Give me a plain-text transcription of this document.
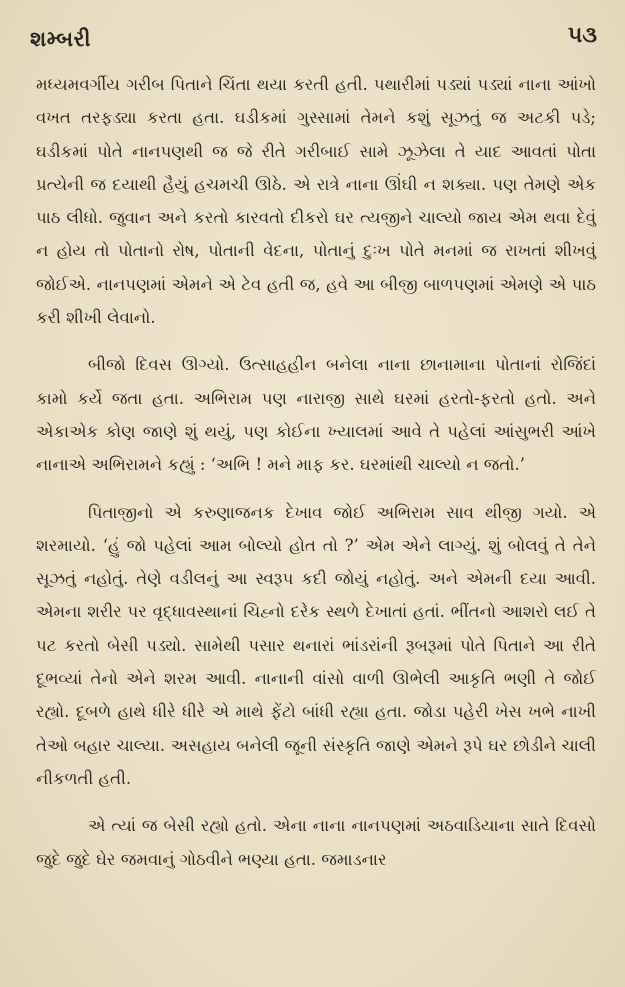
શમ્બરી	૫૩

મધ્યમવર્ગીય ગરીબ પિતાને ચિંતા થયા કરતી હતી. પથારીમાં પડ્યાં પડ્યાં નાના આંખો વખત તરફડ્યા કરતા હતા. ઘડીકમાં ગુસ્સામાં તેમને કશું સૂઝતું જ અટકી પડે; ઘડીકમાં પોતે નાનપણથી જ જે રીતે ગરીબાઈ સામે ઝૂઝેલા તે યાદ આવતાં પોતા પ્રત્યેની જ દયાથી હૈયું હચમચી ઊઠે. એ રાત્રે નાના ઊંઘી ન શક્યા. પણ તેમણે એક પાઠ લીધો. જુવાન અને કરતો કારવતો દીકરો ઘર ત્યજીને ચાલ્યો જાય એમ થવા દેવું ન હોય તો પોતાનો રોષ, પોતાની વેદના, પોતાનું દુઃખ પોતે મનમાં જ રાખતાં શીખવું જોઈએ. નાનપણમાં એમને એ ટેવ હતી જ, હવે આ બીજી બાળપણમાં એમણે એ પાઠ કરી શીખી લેવાનો.

બીજો દિવસ ઊગ્યો. ઉત્સાહહીન બનેલા નાના છાનામાના પોતાનાં રોજિંદાં કામો કર્યે જતા હતા. અભિરામ પણ નારાજી સાથે ઘરમાં હરતો-ફરતો હતો. અને એકાએક કોણ જાણે શું થયું, પણ કોઈના ખ્યાલમાં આવે તે પહેલાં આંસુભરી આંખે નાનાએ અભિરામને કહ્યું : ‘અભિ ! મને માફ કર. ઘરમાંથી ચાલ્યો ન જતો.’

પિતાજીનો એ કરુણાજનક દેખાવ જોઈ અભિરામ સાવ થીજી ગયો. એ શરમાયો. ‘હું જો પહેલાં આમ બોલ્યો હોત તો ?’ એમ એને લાગ્યું. શું બોલવું તે તેને સૂઝતું નહોતું. તેણે વડીલનું આ સ્વરૂપ કદી જોયું નહોતું. અને એમની દયા આવી. એમના શરીર પર વૃદ્ધાવસ્થાનાં ચિહ્નો દરેક સ્થળે દેખાતાં હતાં. ભીંતનો આશરો લઈ તે પટ કરતો બેસી પડ્યો. સામેથી પસાર થનારાં ભાંડરાંની રૂબરૂમાં પોતે પિતાને આ રીતે દૂભવ્યાં તેનો એને શરમ આવી. નાનાની વાંસો વાળી ઊભેલી આકૃતિ ભણી તે જોઈ રહ્યો. દૂબળે હાથે ધીરે ધીરે એ માથે ફેંટો બાંધી રહ્યા હતા. જોડા પહેરી ખેસ ખભે નાખી તેઓ બહાર ચાલ્યા. અસહાય બનેલી જૂની સંસ્કૃતિ જાણે એમને રૂપે ઘર છોડીને ચાલી નીકળતી હતી.

એ ત્યાં જ બેસી રહ્યો હતો. એના નાના નાનપણમાં અઠવાડિયાના સાતે દિવસો જુદે જુદે ઘેર જમવાનું ગોઠવીને ભણ્યા હતા. જમાડનાર
